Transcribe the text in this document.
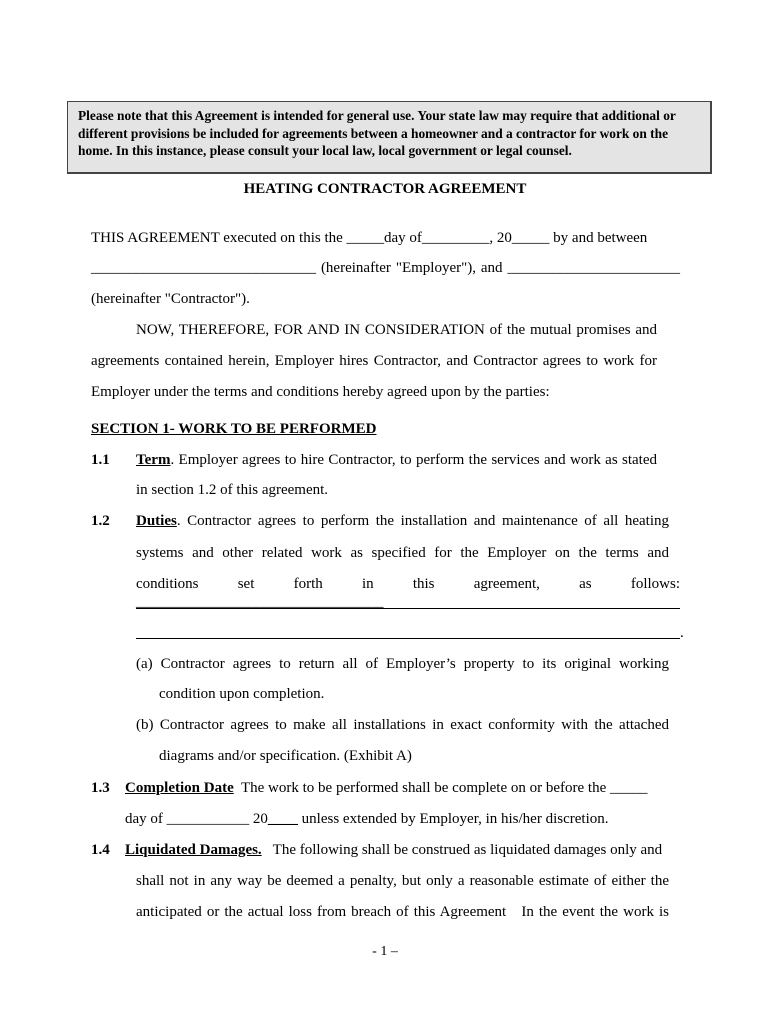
Please note that this Agreement is intended for general use. Your state law may require that additional or different provisions be included for agreements between a homeowner and a contractor for work on the home. In this instance, please consult your local law, local government or legal counsel.
HEATING CONTRACTOR AGREEMENT
THIS AGREEMENT executed on this the _____day of_________, 20_____ by and between
______________________________ (hereinafter "Employer"), and _______________________
(hereinafter "Contractor").
NOW, THEREFORE, FOR AND IN CONSIDERATION of the mutual promises and
agreements contained herein, Employer hires Contractor, and Contractor agrees to work for
Employer under the terms and conditions hereby agreed upon by the parties:
SECTION 1- WORK TO BE PERFORMED
1.1 Term. Employer agrees to hire Contractor, to perform the services and work as stated
in section 1.2 of this agreement.
1.2 Duties. Contractor agrees to perform the installation and maintenance of all heating
systems and other related work as specified for the Employer on the terms and
conditions set forth in this agreement, as follows: _________________________________
.
(a) Contractor agrees to return all of Employer’s property to its original working
condition upon completion.
(b) Contractor agrees to make all installations in exact conformity with the attached
diagrams and/or specification. (Exhibit A)
1.3 Completion Date  The work to be performed shall be complete on or before the _____
day of ___________ 20____ unless extended by Employer, in his/her discretion.
1.4 Liquidated Damages.   The following shall be construed as liquidated damages only and
shall not in any way be deemed a penalty, but only a reasonable estimate of either the
anticipated or the actual loss from breach of this Agreement   In the event the work is
- 1 –
